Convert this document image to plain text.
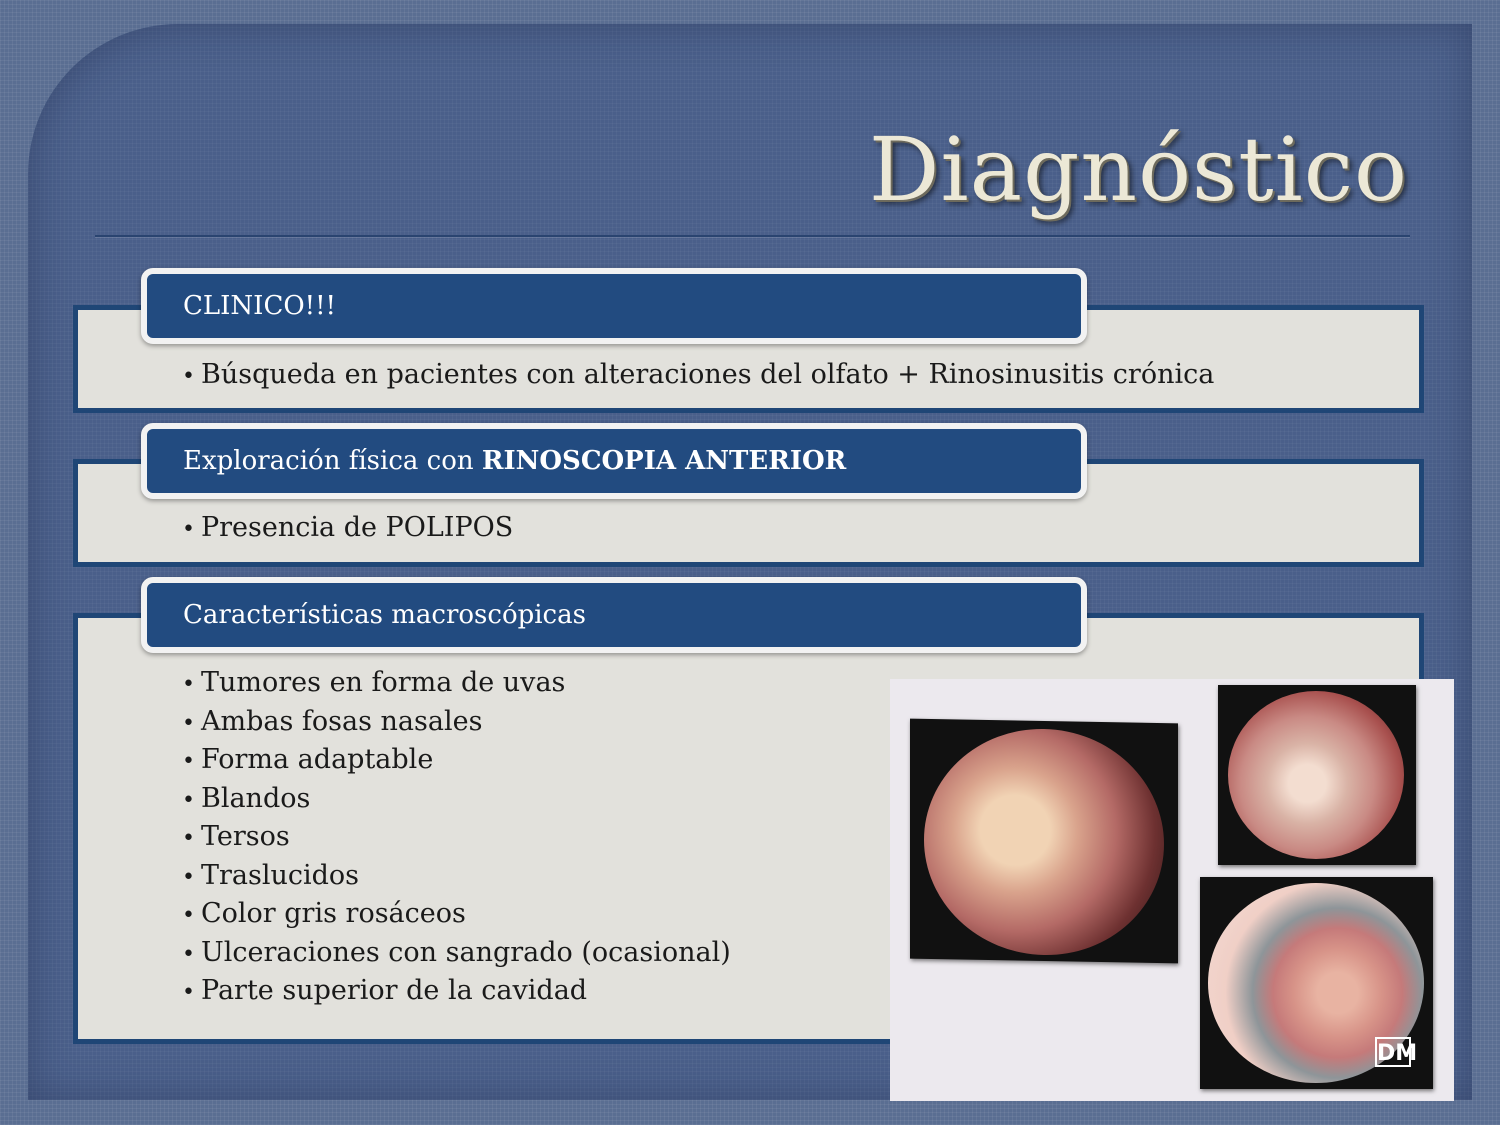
Diagnóstico
CLINICO!!!
• Búsqueda en pacientes con alteraciones del olfato + Rinosinusitis crónica
Exploración física con RINOSCOPIA ANTERIOR
• Presencia de POLIPOS
Características macroscópicas
• Tumores en forma de uvas
• Ambas fosas nasales
• Forma adaptable
• Blandos
• Tersos
• Traslucidos
• Color gris rosáceos
• Ulceraciones con sangrado (ocasional)
• Parte superior de la cavidad
DM
